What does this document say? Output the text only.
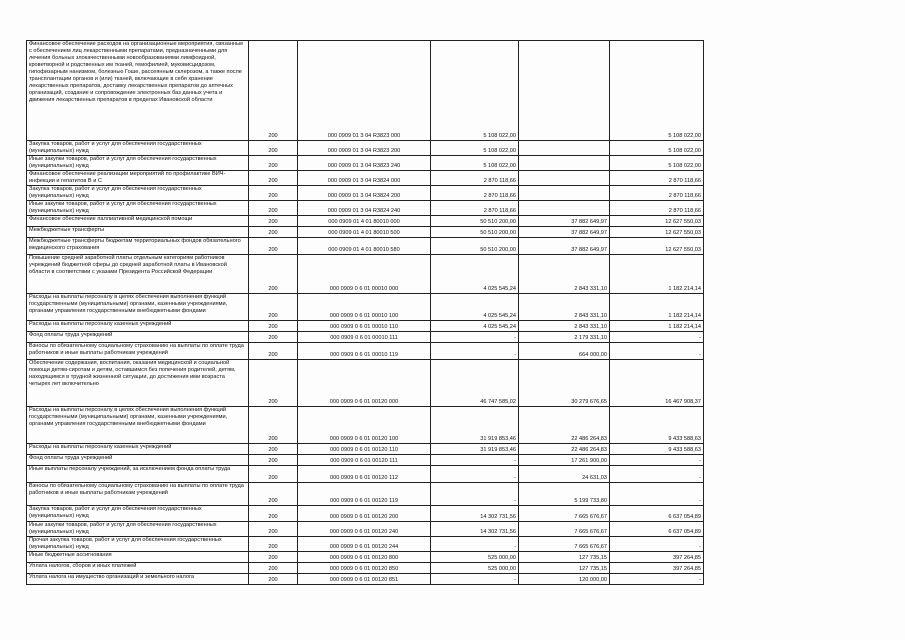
Финансовое обеспечение расходов на организационные мероприятия, связанные с обеспечением лиц лекарственными препаратами, предназначенными для лечения больных злокачественными новообразованиями лимфоидной, кроветворной и родственных им тканей, гемофилией, муковисцидозом, гипофизарным нанизмом, болезнью Гоше, рассеянным склерозом, а также после трансплантации органов и (или) тканей, включающие в себя хранение лекарственных препаратов, доставку лекарственных препаратов до аптечных организаций, создание и сопровождение электронных баз данных учета и движения лекарственных препаратов в пределах Ивановской области	200	000 0909 01 3 04 R3823 000	5 108 022,00		5 108 022,00
Закупка товаров, работ и услуг для обеспечения государственных (муниципальных) нужд	200	000 0909 01 3 04 R3823 200	5 108 022,00		5 108 022,00
Иные закупки товаров, работ и услуг для обеспечения государственных (муниципальных) нужд	200	000 0909 01 3 04 R3823 240	5 108 022,00		5 108 022,00
Финансовое обеспечение реализации мероприятий по профилактике ВИЧ-инфекции и гепатитов В и С	200	000 0909 01 3 04 R3824 000	2 870 118,66		2 870 118,66
Закупка товаров, работ и услуг для обеспечения государственных (муниципальных) нужд	200	000 0909 01 3 04 R3824 200	2 870 118,66		2 870 118,66
Иные закупки товаров, работ и услуг для обеспечения государственных (муниципальных) нужд	200	000 0909 01 3 04 R3824 240	2 870 118,66		2 870 118,66
Финансовое обеспечение паллиативной медицинской помощи	200	000 0909 01 4 01 80010 000	50 510 200,00	37 882 649,97	12 627 550,03
Межбюджетные трансферты	200	000 0909 01 4 01 80010 500	50 510 200,00	37 882 649,97	12 627 550,03
Межбюджетные трансферты бюджетам территориальных фондов обязательного медицинского страхования	200	000 0909 01 4 01 80010 580	50 510 200,00	37 882 649,97	12 627 550,03
Повышение средней заработной платы отдельным категориям работников учреждений бюджетной сферы до средней заработной платы в Ивановской области в соответствии с указами Президента Российской Федерации	200	000 0909 0 6 01 00010 000	4 025 545,24	2 843 331,10	1 182 214,14
Расходы на выплаты персоналу в целях обеспечения выполнения функций государственными (муниципальными) органами, казенными учреждениями, органами управления государственными внебюджетными фондами	200	000 0909 0 6 01 00010 100	4 025 545,24	2 843 331,10	1 182 214,14
Расходы на выплаты персоналу казенных учреждений	200	000 0909 0 6 01 00010 110	4 025 545,24	2 843 331,10	1 182 214,14
Фонд оплаты труда учреждений	200	000 0909 0 6 01 00010 111	-	2 179 331,10	-
Взносы по обязательному социальному страхованию на выплаты по оплате труда работников и иные выплаты работникам учреждений	200	000 0909 0 6 01 00010 119	-	664 000,00	-
Обеспечение содержания, воспитания, оказания медицинской и социальной помощи детям-сиротам и детям, оставшимся без попечения родителей, детям, находящимся в трудной жизненной ситуации, до достижения ими возраста четырех лет включительно	200	000 0909 0 6 01 00120 000	46 747 585,02	30 279 676,65	16 467 908,37
Расходы на выплаты персоналу в целях обеспечения выполнения функций государственными (муниципальными) органами, казенными учреждениями, органами управления государственными внебюджетными фондами	200	000 0909 0 6 01 00120 100	31 919 853,46	22 486 264,83	9 433 588,63
Расходы на выплаты персоналу казенных учреждений	200	000 0909 0 6 01 00120 110	31 919 853,46	22 486 264,83	9 433 588,63
Фонд оплаты труда учреждений	200	000 0909 0 6 01 00120 111	-	17 261 900,00	-
Иные выплаты персоналу учреждений, за исключением фонда оплаты труда	200	000 0909 0 6 01 00120 112	-	24 631,03	-
Взносы по обязательному социальному страхованию на выплаты по оплате труда работников и иные выплаты работникам учреждений	200	000 0909 0 6 01 00120 119	-	5 199 733,80	-
Закупка товаров, работ и услуг для обеспечения государственных (муниципальных) нужд	200	000 0909 0 6 01 00120 200	14 302 731,56	7 665 676,67	6 637 054,89
Иные закупки товаров, работ и услуг для обеспечения государственных (муниципальных) нужд	200	000 0909 0 6 01 00120 240	14 302 731,56	7 665 676,67	6 637 054,89
Прочая закупка товаров, работ и услуг для обеспечения государственных (муниципальных) нужд	200	000 0909 0 6 01 00120 244	-	7 665 676,67	-
Иные бюджетные ассигнования	200	000 0909 0 6 01 00120 800	525 000,00	127 735,15	397 264,85
Уплата налогов, сборов и иных платежей	200	000 0909 0 6 01 00120 850	525 000,00	127 735,15	397 264,85
Уплата налога на имущество организаций и земельного налога	200	000 0909 0 6 01 00120 851	-	120 000,00	-
